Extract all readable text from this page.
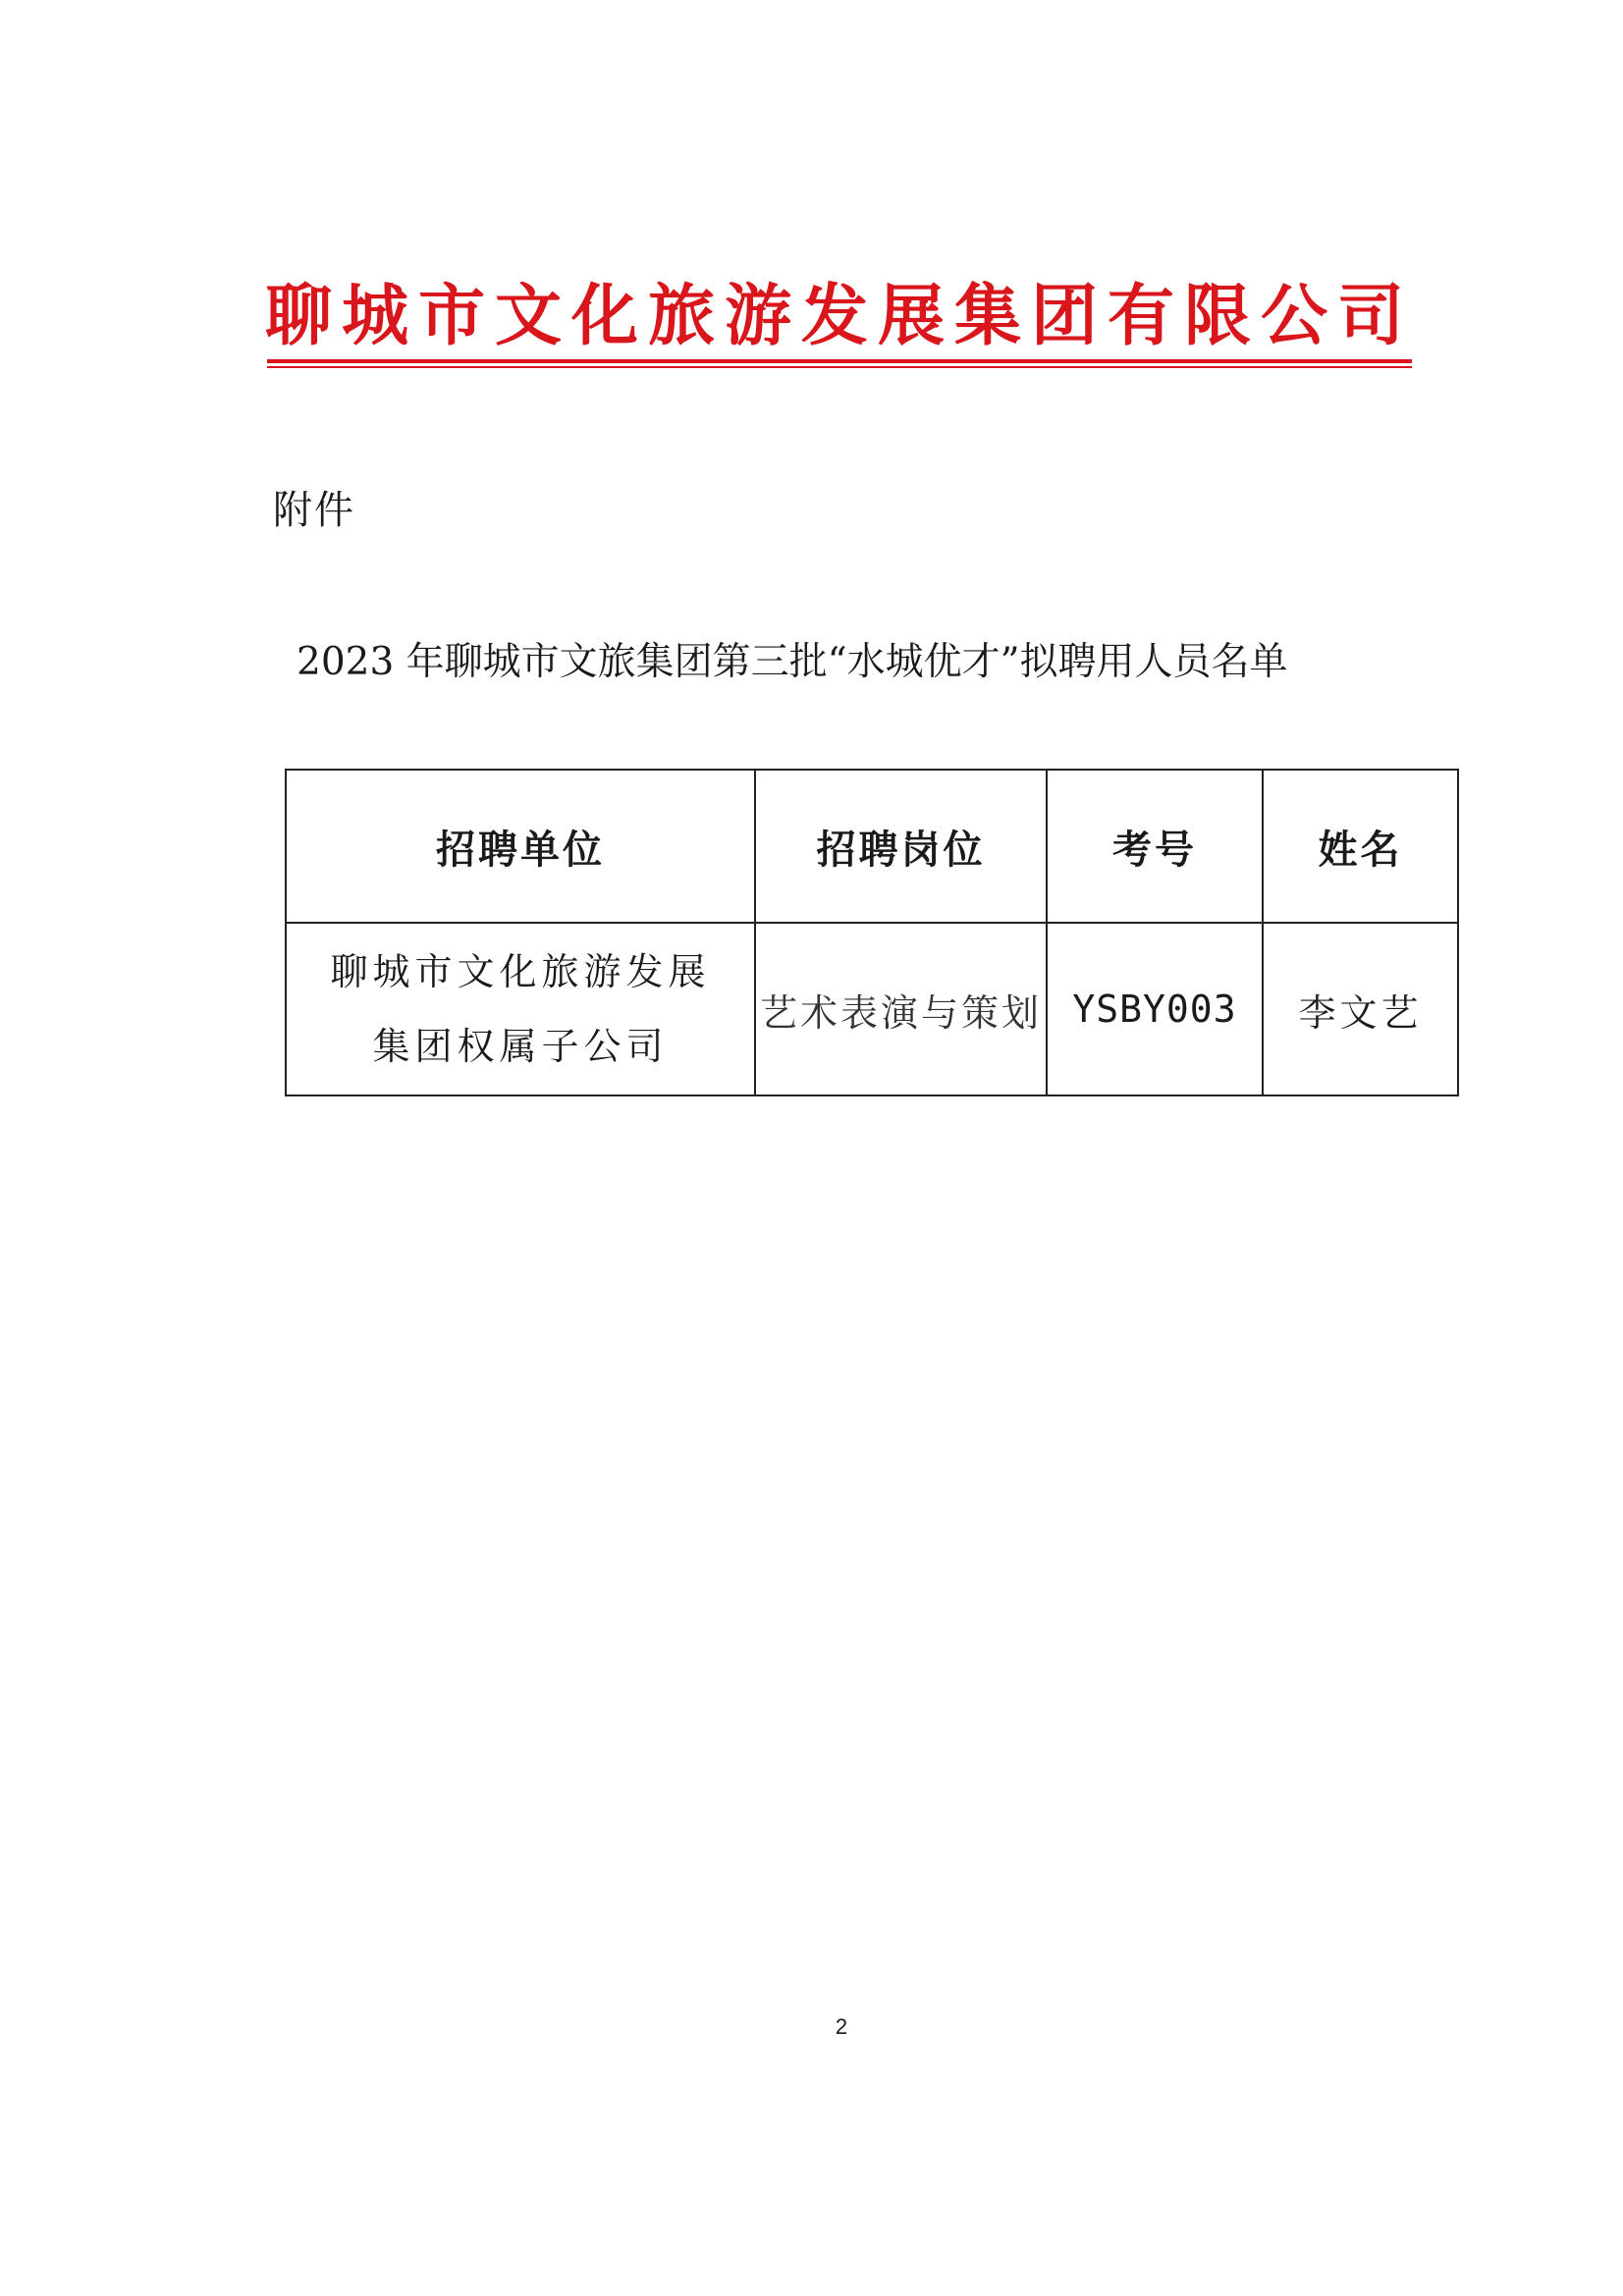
聊城市文化旅游发展集团有限公司
附件
2023 年聊城市文旅集团第三批“水城优才”拟聘用人员名单
招聘单位	招聘岗位	考号	姓名

聊城市文化旅游发展
集团权属子公司	艺术表演与策划	YSBY003	李文艺
2
